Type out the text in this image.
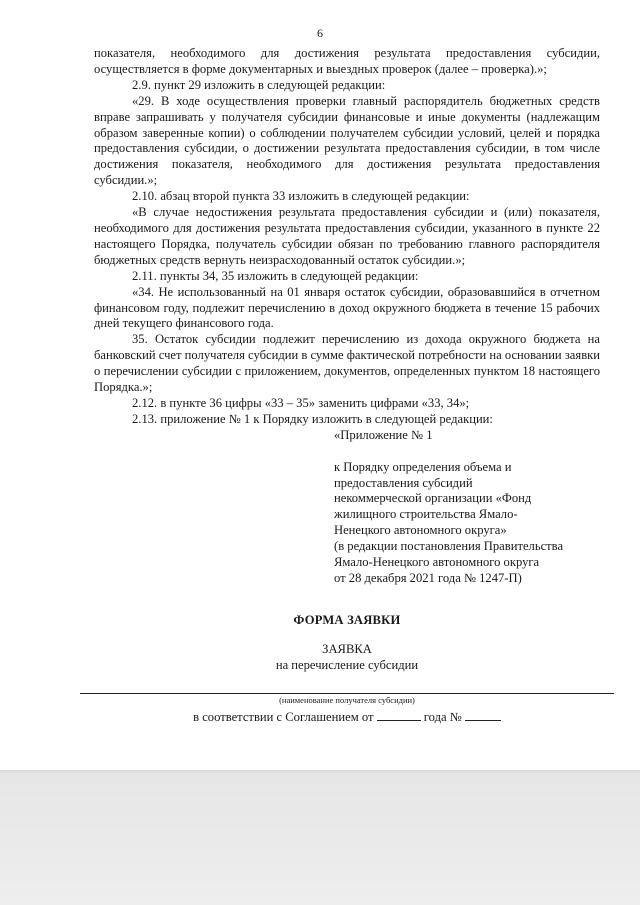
6

показателя, необходимого для достижения результата предоставления субсидии, осуществляется в форме документарных и выездных проверок (далее – проверка).»;

2.9. пункт 29 изложить в следующей редакции:

«29. В ходе осуществления проверки главный распорядитель бюджетных средств вправе запрашивать у получателя субсидии финансовые и иные документы (надлежащим образом заверенные копии) о соблюдении получателем субсидии условий, целей и порядка предоставления субсидии, о достижении результата предоставления субсидии, в том числе достижения показателя, необходимого для достижения результата предоставления субсидии.»;

2.10. абзац второй пункта 33 изложить в следующей редакции:

«В случае недостижения результата предоставления субсидии и (или) показателя, необходимого для достижения результата предоставления субсидии, указанного в пункте 22 настоящего Порядка, получатель субсидии обязан по требованию главного распорядителя бюджетных средств вернуть неизрасходованный остаток субсидии.»;

2.11. пункты 34, 35 изложить в следующей редакции:

«34. Не использованный на 01 января остаток субсидии, образовавшийся в отчетном финансовом году, подлежит перечислению в доход окружного бюджета в течение 15 рабочих дней текущего финансового года.

35. Остаток субсидии подлежит перечислению из дохода окружного бюджета на банковский счет получателя субсидии в сумме фактической потребности на основании заявки о перечислении субсидии с приложением, документов, определенных пунктом 18 настоящего Порядка.»;

2.12. в пункте 36 цифры «33 – 35» заменить цифрами «33, 34»;

2.13. приложение № 1 к Порядку изложить в следующей редакции:

«Приложение № 1

к Порядку определения объема и

предоставления субсидий

некоммерческой организации «Фонд

жилищного строительства Ямало-

Ненецкого автономного округа»

(в редакции постановления Правительства

Ямало-Ненецкого автономного округа

от 28 декабря 2021 года № 1247-П)

ФОРМА ЗАЯВКИ

ЗАЯВКА

на перечисление субсидии

(наименование получателя субсидии)

в соответствии с Соглашением от	года №
